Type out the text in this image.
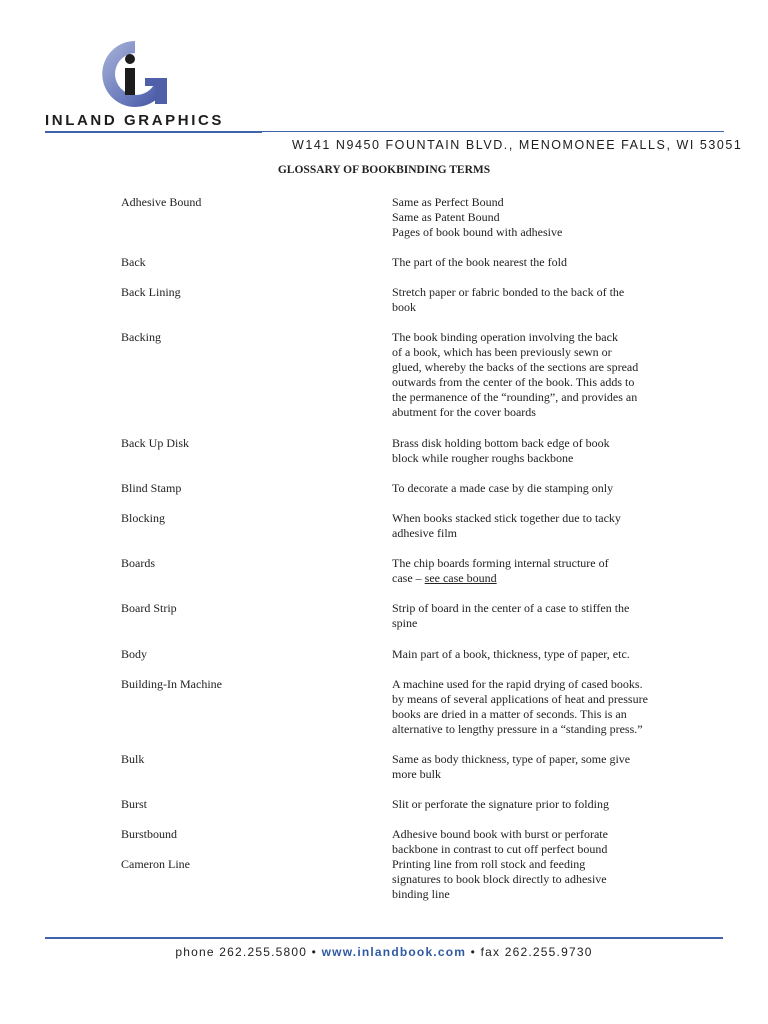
INLAND GRAPHICS
W141 N9450 FOUNTAIN BLVD., MENOMONEE FALLS, WI 53051
GLOSSARY OF BOOKBINDING TERMS
Adhesive Bound	Same as Perfect Bound
Same as Patent Bound
Pages of book bound with adhesive
Back	The part of the book nearest the fold
Back Lining	Stretch paper or fabric bonded to the back of the
book
Backing	The book binding operation involving the back
of a book, which has been previously sewn or
glued, whereby the backs of the sections are spread
outwards from the center of the book. This adds to
the permanence of the “rounding”, and provides an
abutment for the cover boards
Back Up Disk	Brass disk holding bottom back edge of book
block while rougher roughs backbone
Blind Stamp	To decorate a made case by die stamping only
Blocking	When books stacked stick together due to tacky
adhesive film
Boards	The chip boards forming internal structure of
case – see case bound
Board Strip	Strip of board in the center of a case to stiffen the
spine
Body	Main part of a book, thickness, type of paper, etc.
Building-In Machine	A machine used for the rapid drying of cased books.
by means of several applications of heat and pressure
books are dried in a matter of seconds. This is an
alternative to lengthy pressure in a “standing press.”
Bulk	Same as body thickness, type of paper, some give
more bulk
Burst	Slit or perforate the signature prior to folding
Burstbound	Adhesive bound book with burst or perforate
backbone in contrast to cut off perfect bound
Cameron Line	Printing line from roll stock and feeding
signatures to book block directly to adhesive
binding line
phone 262.255.5800 • www.inlandbook.com • fax 262.255.9730
